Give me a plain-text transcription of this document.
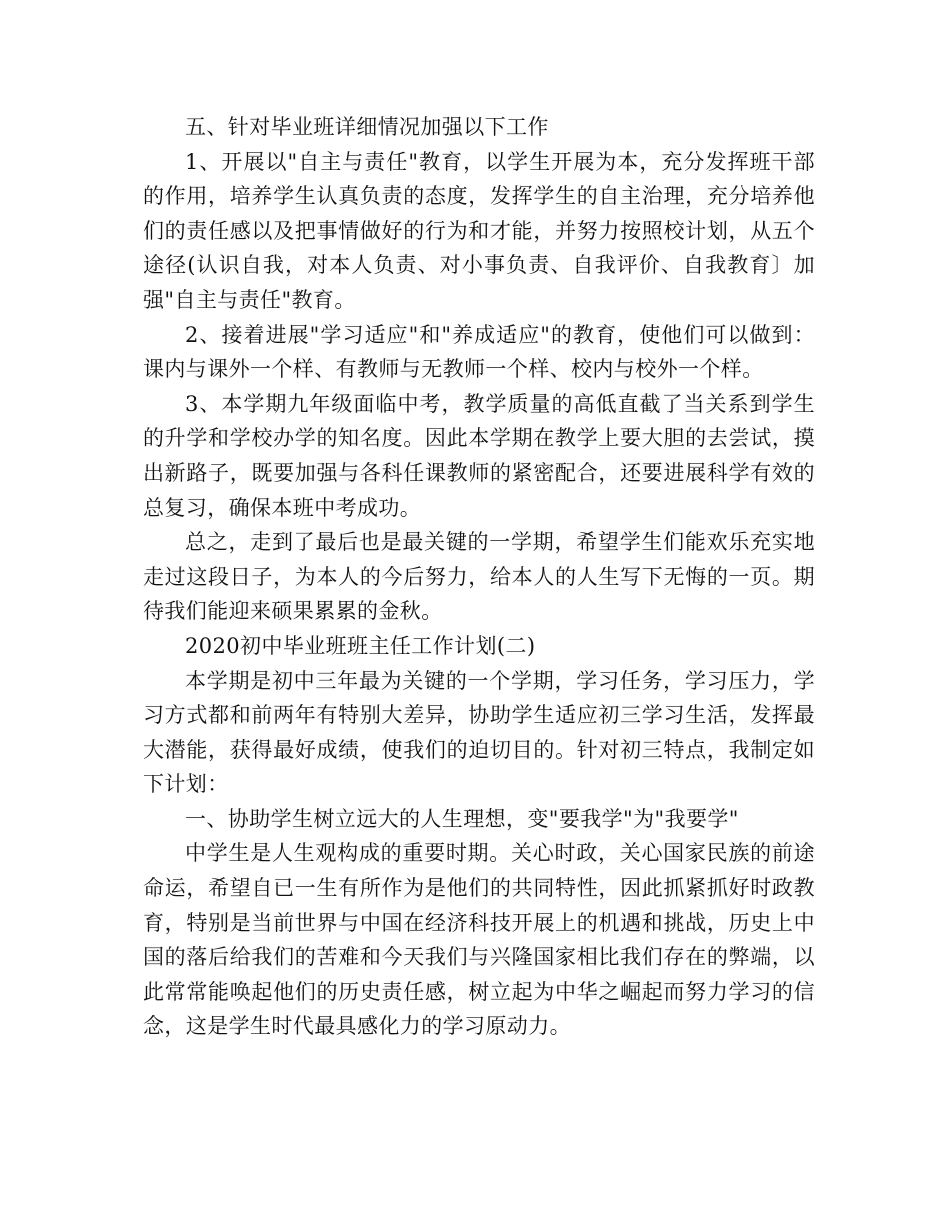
五、针对毕业班详细情况加强以下工作

1、开展以"自主与责任"教育，以学生开展为本，充分发挥班干部的作用，培养学生认真负责的态度，发挥学生的自主治理，充分培养他们的责任感以及把事情做好的行为和才能，并努力按照校计划，从五个途径(认识自我，对本人负责、对小事负责、自我评价、自我教育〕加强"自主与责任"教育。

2、接着进展"学习适应"和"养成适应"的教育，使他们可以做到：课内与课外一个样、有教师与无教师一个样、校内与校外一个样。

3、本学期九年级面临中考，教学质量的高低直截了当关系到学生的升学和学校办学的知名度。因此本学期在教学上要大胆的去尝试，摸出新路子，既要加强与各科任课教师的紧密配合，还要进展科学有效的总复习，确保本班中考成功。

总之，走到了最后也是最关键的一学期，希望学生们能欢乐充实地走过这段日子，为本人的今后努力，给本人的人生写下无悔的一页。期待我们能迎来硕果累累的金秋。

2020初中毕业班班主任工作计划(二)

本学期是初中三年最为关键的一个学期，学习任务，学习压力，学习方式都和前两年有特别大差异，协助学生适应初三学习生活，发挥最大潜能，获得最好成绩，使我们的迫切目的。针对初三特点，我制定如下计划：

一、协助学生树立远大的人生理想，变"要我学"为"我要学"

中学生是人生观构成的重要时期。关心时政，关心国家民族的前途命运，希望自已一生有所作为是他们的共同特性，因此抓紧抓好时政教育，特别是当前世界与中国在经济科技开展上的机遇和挑战，历史上中国的落后给我们的苦难和今天我们与兴隆国家相比我们存在的弊端，以此常常能唤起他们的历史责任感，树立起为中华之崛起而努力学习的信念，这是学生时代最具感化力的学习原动力。
